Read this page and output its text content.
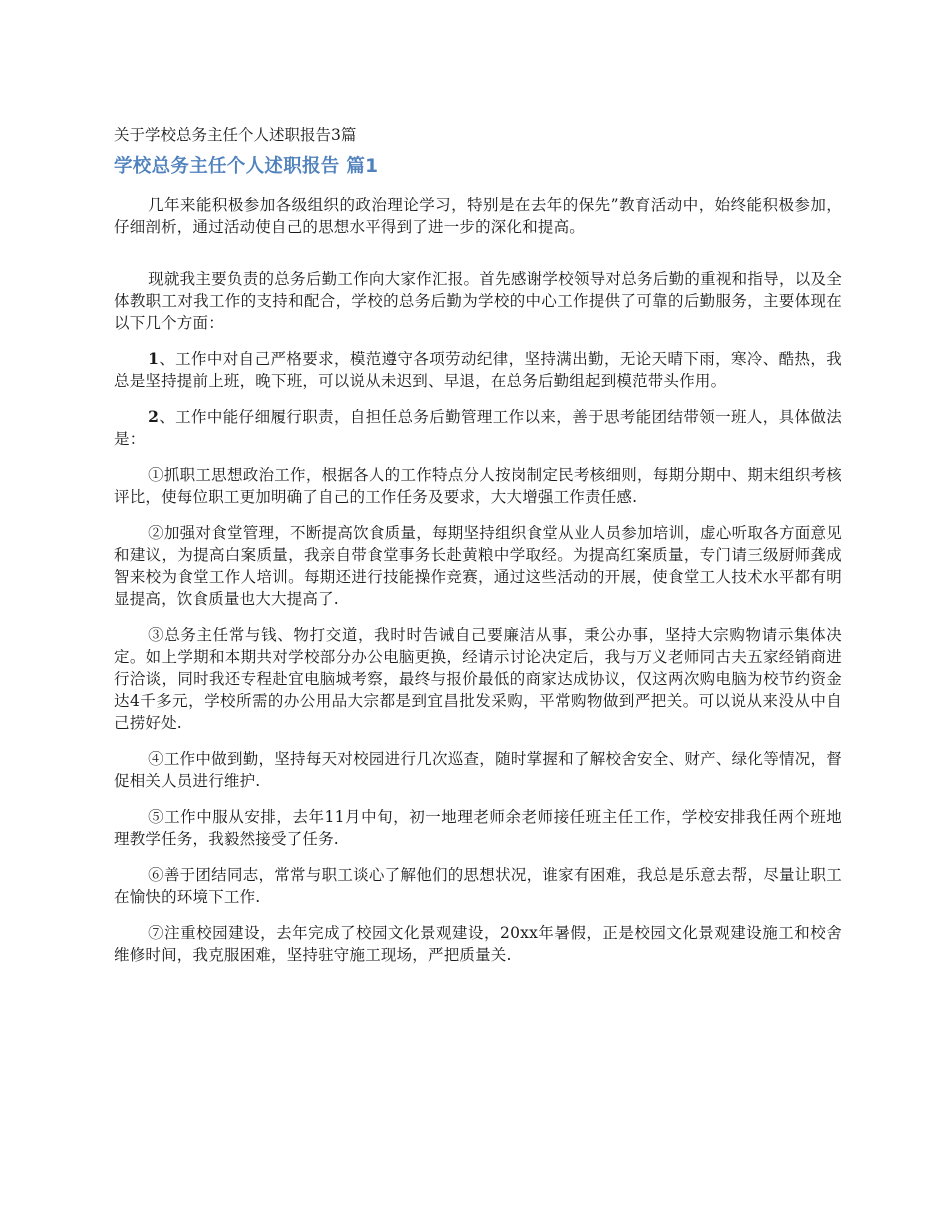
关于学校总务主任个人述职报告3篇
学校总务主任个人述职报告 篇1

几年来能积极参加各级组织的政治理论学习，特别是在去年的保先”教育活动中，始终能积极参加，仔细剖析，通过活动使自己的思想水平得到了进一步的深化和提高。

现就我主要负责的总务后勤工作向大家作汇报。首先感谢学校领导对总务后勤的重视和指导，以及全体教职工对我工作的支持和配合，学校的总务后勤为学校的中心工作提供了可靠的后勤服务，主要体现在以下几个方面：

1、工作中对自己严格要求，模范遵守各项劳动纪律，坚持满出勤，无论天晴下雨，寒冷、酷热，我总是坚持提前上班，晚下班，可以说从未迟到、早退，在总务后勤组起到模范带头作用。

2、工作中能仔细履行职责，自担任总务后勤管理工作以来，善于思考能团结带领一班人，具体做法是：

①抓职工思想政治工作，根据各人的工作特点分人按岗制定民考核细则，每期分期中、期末组织考核评比，使每位职工更加明确了自己的工作任务及要求，大大增强工作责任感.

②加强对食堂管理，不断提高饮食质量，每期坚持组织食堂从业人员参加培训，虚心听取各方面意见和建议，为提高白案质量，我亲自带食堂事务长赴黄粮中学取经。为提高红案质量，专门请三级厨师龚成智来校为食堂工作人培训。每期还进行技能操作竞赛，通过这些活动的开展，使食堂工人技术水平都有明显提高，饮食质量也大大提高了.

③总务主任常与钱、物打交道，我时时告诫自己要廉洁从事，秉公办事，坚持大宗购物请示集体决定。如上学期和本期共对学校部分办公电脑更换，经请示讨论决定后，我与万义老师同古夫五家经销商进行洽谈，同时我还专程赴宜电脑城考察，最终与报价最低的商家达成协议，仅这两次购电脑为校节约资金达4千多元，学校所需的办公用品大宗都是到宜昌批发采购，平常购物做到严把关。可以说从来没从中自己捞好处.

④工作中做到勤，坚持每天对校园进行几次巡查，随时掌握和了解校舍安全、财产、绿化等情况，督促相关人员进行维护.

⑤工作中服从安排，去年11月中旬，初一地理老师余老师接任班主任工作，学校安排我任两个班地理教学任务，我毅然接受了任务.

⑥善于团结同志，常常与职工谈心了解他们的思想状况，谁家有困难，我总是乐意去帮，尽量让职工在愉快的环境下工作.

⑦注重校园建设，去年完成了校园文化景观建设，20xx年暑假，正是校园文化景观建设施工和校舍维修时间，我克服困难，坚持驻守施工现场，严把质量关.
